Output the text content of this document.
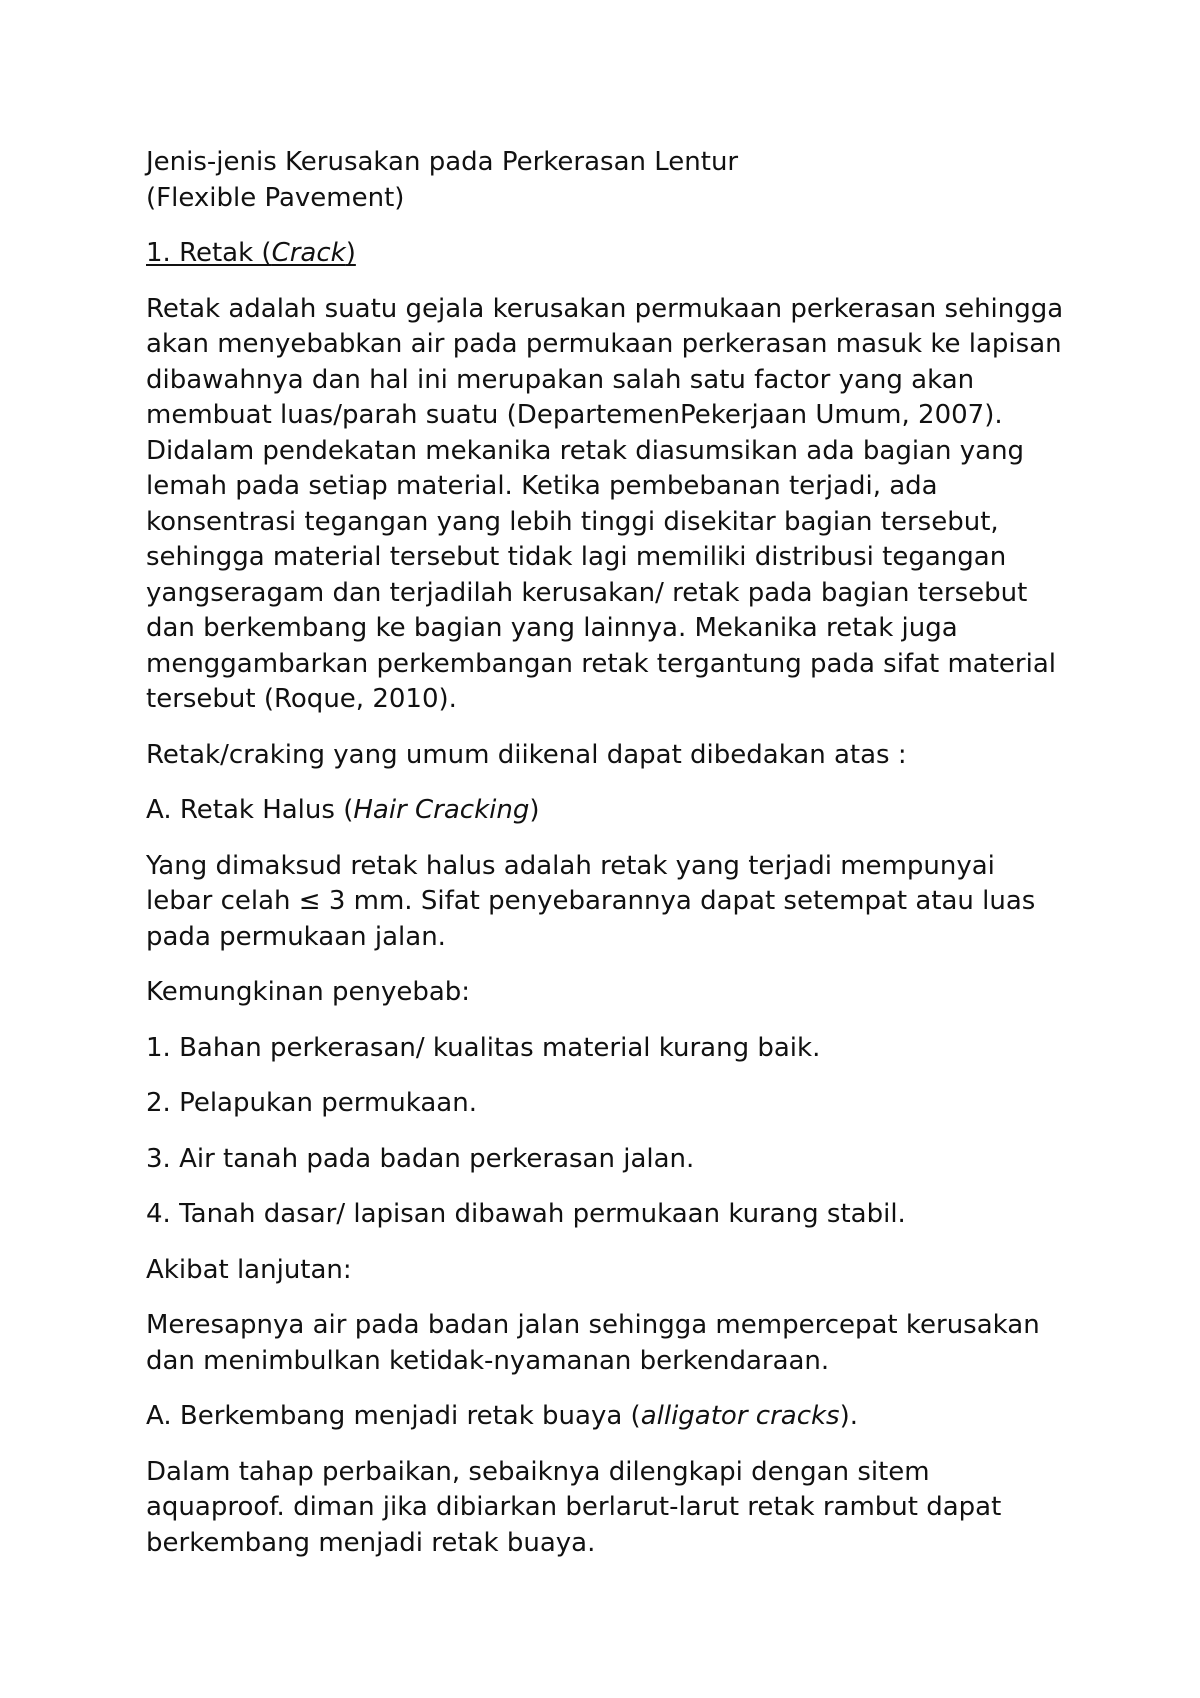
Jenis-jenis Kerusakan pada Perkerasan Lentur
(Flexible Pavement)

1. Retak (Crack)

Retak adalah suatu gejala kerusakan permukaan perkerasan sehingga akan menyebabkan air pada permukaan perkerasan masuk ke lapisan dibawahnya dan hal ini merupakan salah satu factor yang akan membuat luas/parah suatu (DepartemenPekerjaan Umum, 2007). Didalam pendekatan mekanika retak diasumsikan ada bagian yang lemah pada setiap material. Ketika pembebanan terjadi, ada konsentrasi tegangan yang lebih tinggi disekitar bagian tersebut, sehingga material tersebut tidak lagi memiliki distribusi tegangan yangseragam dan terjadilah kerusakan/ retak pada bagian tersebut dan berkembang ke bagian yang lainnya. Mekanika retak juga menggambarkan perkembangan retak tergantung pada sifat material tersebut (Roque, 2010).

Retak/craking yang umum diikenal dapat dibedakan atas :

A. Retak Halus (Hair Cracking)

Yang dimaksud retak halus adalah retak yang terjadi mempunyai lebar celah ≤ 3 mm. Sifat penyebarannya dapat setempat atau luas pada permukaan jalan.

Kemungkinan penyebab:

1. Bahan perkerasan/ kualitas material kurang baik.

2. Pelapukan permukaan.

3. Air tanah pada badan perkerasan jalan.

4. Tanah dasar/ lapisan dibawah permukaan kurang stabil.

Akibat lanjutan:

Meresapnya air pada badan jalan sehingga mempercepat kerusakan dan menimbulkan ketidak-nyamanan berkendaraan.

A. Berkembang menjadi retak buaya (alligator cracks).

Dalam tahap perbaikan, sebaiknya dilengkapi dengan sitem aquaproof. diman jika dibiarkan berlarut-larut retak rambut dapat berkembang menjadi retak buaya.
